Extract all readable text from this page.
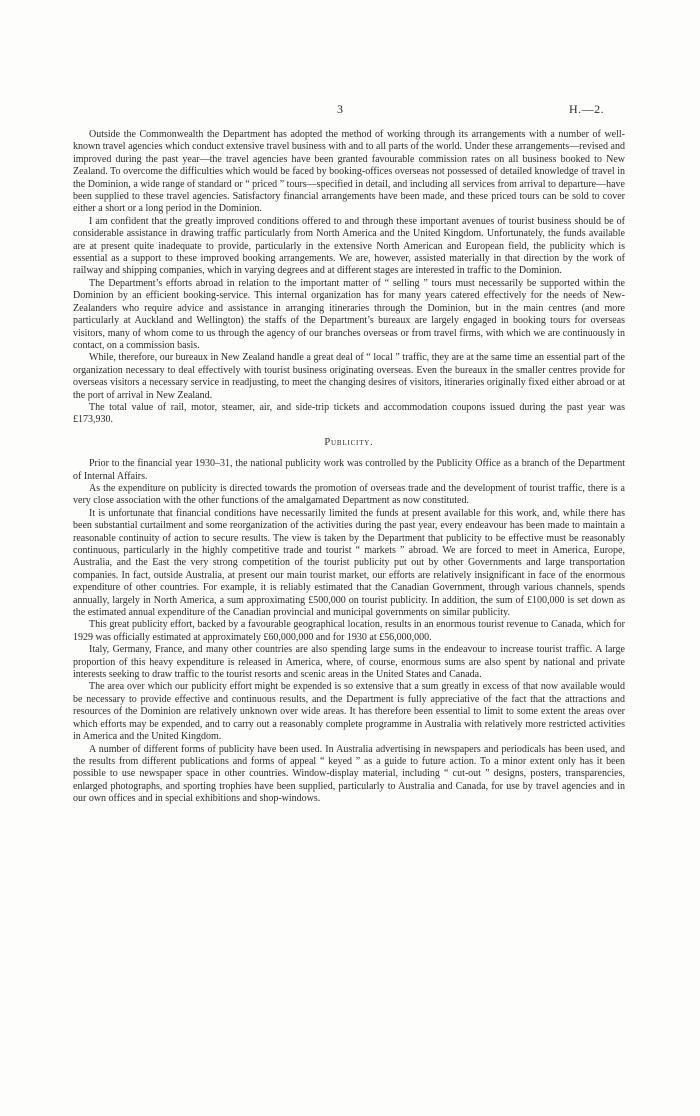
3	H.—2.

Outside the Commonwealth the Department has adopted the method of working through its arrangements with a number of well-known travel agencies which conduct extensive travel business with and to all parts of the world. Under these arrangements—revised and improved during the past year—the travel agencies have been granted favourable commission rates on all business booked to New Zealand. To overcome the difficulties which would be faced by booking-offices overseas not possessed of detailed knowledge of travel in the Dominion, a wide range of standard or “ priced ” tours—specified in detail, and including all services from arrival to departure—have been supplied to these travel agencies. Satisfactory financial arrangements have been made, and these priced tours can be sold to cover either a short or a long period in the Dominion.

I am confident that the greatly improved conditions offered to and through these important avenues of tourist business should be of considerable assistance in drawing traffic particularly from North America and the United Kingdom. Unfortunately, the funds available are at present quite inadequate to provide, particularly in the extensive North American and European field, the publicity which is essential as a support to these improved booking arrangements. We are, however, assisted materially in that direction by the work of railway and shipping companies, which in varying degrees and at different stages are interested in traffic to the Dominion.

The Department’s efforts abroad in relation to the important matter of “ selling ” tours must necessarily be supported within the Dominion by an efficient booking-service. This internal organization has for many years catered effectively for the needs of New-Zealanders who require advice and assistance in arranging itineraries through the Dominion, but in the main centres (and more particularly at Auckland and Wellington) the staffs of the Department’s bureaux are largely engaged in booking tours for overseas visitors, many of whom come to us through the agency of our branches overseas or from travel firms, with which we are continuously in contact, on a commission basis.

While, therefore, our bureaux in New Zealand handle a great deal of “ local ” traffic, they are at the same time an essential part of the organization necessary to deal effectively with tourist business originating overseas. Even the bureaux in the smaller centres provide for overseas visitors a necessary service in readjusting, to meet the changing desires of visitors, itineraries originally fixed either abroad or at the port of arrival in New Zealand.

The total value of rail, motor, steamer, air, and side-trip tickets and accommodation coupons issued during the past year was £173,930.

Publicity.

Prior to the financial year 1930–31, the national publicity work was controlled by the Publicity Office as a branch of the Department of Internal Affairs.

As the expenditure on publicity is directed towards the promotion of overseas trade and the development of tourist traffic, there is a very close association with the other functions of the amalgamated Department as now constituted.

It is unfortunate that financial conditions have necessarily limited the funds at present available for this work, and, while there has been substantial curtailment and some reorganization of the activities during the past year, every endeavour has been made to maintain a reasonable continuity of action to secure results. The view is taken by the Department that publicity to be effective must be reasonably continuous, particularly in the highly competitive trade and tourist “ markets ” abroad. We are forced to meet in America, Europe, Australia, and the East the very strong competition of the tourist publicity put out by other Governments and large transportation companies. In fact, outside Australia, at present our main tourist market, our efforts are relatively insignificant in face of the enormous expenditure of other countries. For example, it is reliably estimated that the Canadian Government, through various channels, spends annually, largely in North America, a sum approximating £500,000 on tourist publicity. In addition, the sum of £100,000 is set down as the estimated annual expenditure of the Canadian provincial and municipal governments on similar publicity.

This great publicity effort, backed by a favourable geographical location, results in an enormous tourist revenue to Canada, which for 1929 was officially estimated at approximately £60,000,000 and for 1930 at £56,000,000.

Italy, Germany, France, and many other countries are also spending large sums in the endeavour to increase tourist traffic. A large proportion of this heavy expenditure is released in America, where, of course, enormous sums are also spent by national and private interests seeking to draw traffic to the tourist resorts and scenic areas in the United States and Canada.

The area over which our publicity effort might be expended is so extensive that a sum greatly in excess of that now available would be necessary to provide effective and continuous results, and the Department is fully appreciative of the fact that the attractions and resources of the Dominion are relatively unknown over wide areas. It has therefore been essential to limit to some extent the areas over which efforts may be expended, and to carry out a reasonably complete programme in Australia with relatively more restricted activities in America and the United Kingdom.

A number of different forms of publicity have been used. In Australia advertising in newspapers and periodicals has been used, and the results from different publications and forms of appeal “ keyed ” as a guide to future action. To a minor extent only has it been possible to use newspaper space in other countries. Window-display material, including “ cut-out ” designs, posters, transparencies, enlarged photographs, and sporting trophies have been supplied, particularly to Australia and Canada, for use by travel agencies and in our own offices and in special exhibitions and shop-windows.
